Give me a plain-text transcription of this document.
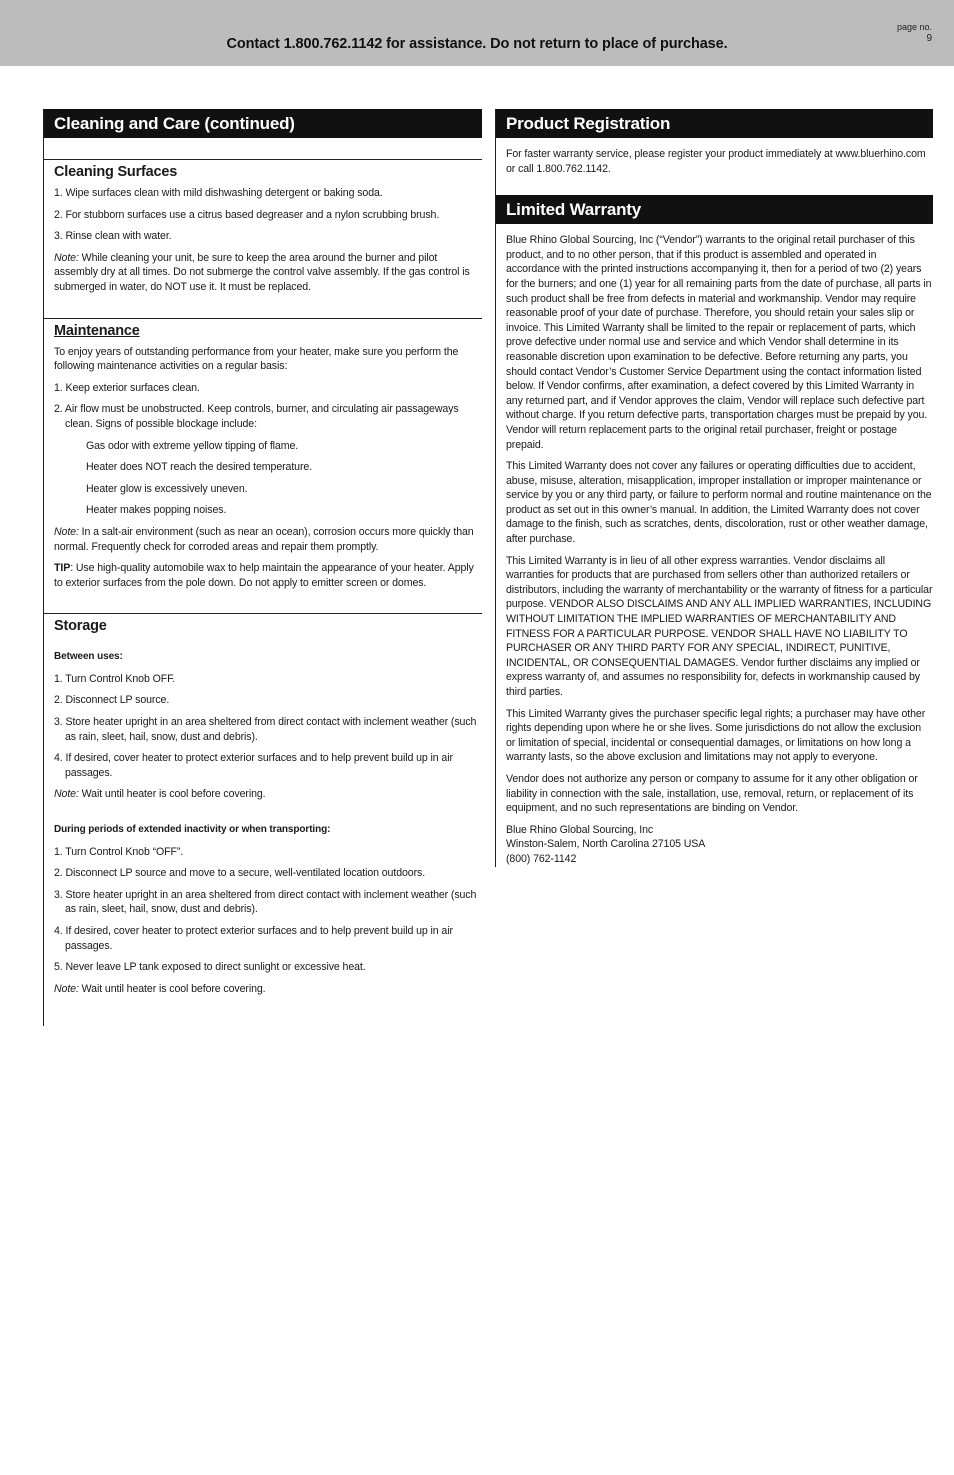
Contact 1.800.762.1142 for assistance. Do not return to place of purchase.
page no.
9
Cleaning and Care (continued)
Cleaning Surfaces

1. Wipe surfaces clean with mild dishwashing detergent or baking soda.

2. For stubborn surfaces use a citrus based degreaser and a nylon scrubbing brush.

3. Rinse clean with water.

Note: While cleaning your unit, be sure to keep the area around the burner and pilot assembly dry at all times. Do not submerge the control valve assembly. If the gas control is submerged in water, do NOT use it. It must be replaced.

Maintenance

To enjoy years of outstanding performance from your heater, make sure you perform the following maintenance activities on a regular basis:

1. Keep exterior surfaces clean.

2. Air flow must be unobstructed. Keep controls, burner, and circulating air passageways clean. Signs of possible blockage include:

Gas odor with extreme yellow tipping of flame.

Heater does NOT reach the desired temperature.

Heater glow is excessively uneven.

Heater makes popping noises.

Note: In a salt-air environment (such as near an ocean), corrosion occurs more quickly than normal. Frequently check for corroded areas and repair them promptly.

TIP: Use high-quality automobile wax to help maintain the appearance of your heater. Apply to exterior surfaces from the pole down. Do not apply to emitter screen or domes.

Storage

Between uses:

1. Turn Control Knob OFF.

2. Disconnect LP source.

3. Store heater upright in an area sheltered from direct contact with inclement weather (such as rain, sleet, hail, snow, dust and debris).

4. If desired, cover heater to protect exterior surfaces and to help prevent build up in air passages.

Note: Wait until heater is cool before covering.

During periods of extended inactivity or when transporting:

1. Turn Control Knob “OFF”.

2. Disconnect LP source and move to a secure, well-ventilated location outdoors.

3. Store heater upright in an area sheltered from direct contact with inclement weather (such as rain, sleet, hail, snow, dust and debris).

4. If desired, cover heater to protect exterior surfaces and to help prevent build up in air passages.

5. Never leave LP tank exposed to direct sunlight or excessive heat.

Note: Wait until heater is cool before covering.

Product Registration

For faster warranty service, please register your product immediately at www.bluerhino.com or call 1.800.762.1142.

Limited Warranty

Blue Rhino Global Sourcing, Inc (“Vendor”) warrants to the original retail purchaser of this product, and to no other person, that if this product is assembled and operated in accordance with the printed instructions accompanying it, then for a period of two (2) years for the burners; and one (1) year for all remaining parts from the date of purchase, all parts in such product shall be free from defects in material and workmanship. Vendor may require reasonable proof of your date of purchase. Therefore, you should retain your sales slip or invoice. This Limited Warranty shall be limited to the repair or replacement of parts, which prove defective under normal use and service and which Vendor shall determine in its reasonable discretion upon examination to be defective. Before returning any parts, you should contact Vendor’s Customer Service Department using the contact information listed below. If Vendor confirms, after examination, a defect covered by this Limited Warranty in any returned part, and if Vendor approves the claim, Vendor will replace such defective part without charge. If you return defective parts, transportation charges must be prepaid by you. Vendor will return replacement parts to the original retail purchaser, freight or postage prepaid.

This Limited Warranty does not cover any failures or operating difficulties due to accident, abuse, misuse, alteration, misapplication, improper installation or improper maintenance or service by you or any third party, or failure to perform normal and routine maintenance on the product as set out in this owner’s manual. In addition, the Limited Warranty does not cover damage to the finish, such as scratches, dents, discoloration, rust or other weather damage, after purchase.

This Limited Warranty is in lieu of all other express warranties. Vendor disclaims all warranties for products that are purchased from sellers other than authorized retailers or distributors, including the warranty of merchantability or the warranty of fitness for a particular purpose. VENDOR ALSO DISCLAIMS AND ANY ALL IMPLIED WARRANTIES, INCLUDING WITHOUT LIMITATION THE IMPLIED WARRANTIES OF MERCHANTABILITY AND FITNESS FOR A PARTICULAR PURPOSE. VENDOR SHALL HAVE NO LIABILITY TO PURCHASER OR ANY THIRD PARTY FOR ANY SPECIAL, INDIRECT, PUNITIVE, INCIDENTAL, OR CONSEQUENTIAL DAMAGES. Vendor further disclaims any implied or express warranty of, and assumes no responsibility for, defects in workmanship caused by third parties.

This Limited Warranty gives the purchaser specific legal rights; a purchaser may have other rights depending upon where he or she lives. Some jurisdictions do not allow the exclusion or limitation of special, incidental or consequential damages, or limitations on how long a warranty lasts, so the above exclusion and limitations may not apply to everyone.

Vendor does not authorize any person or company to assume for it any other obligation or liability in connection with the sale, installation, use, removal, return, or replacement of its equipment, and no such representations are binding on Vendor.

Blue Rhino Global Sourcing, Inc
Winston-Salem, North Carolina 27105 USA
(800) 762-1142
